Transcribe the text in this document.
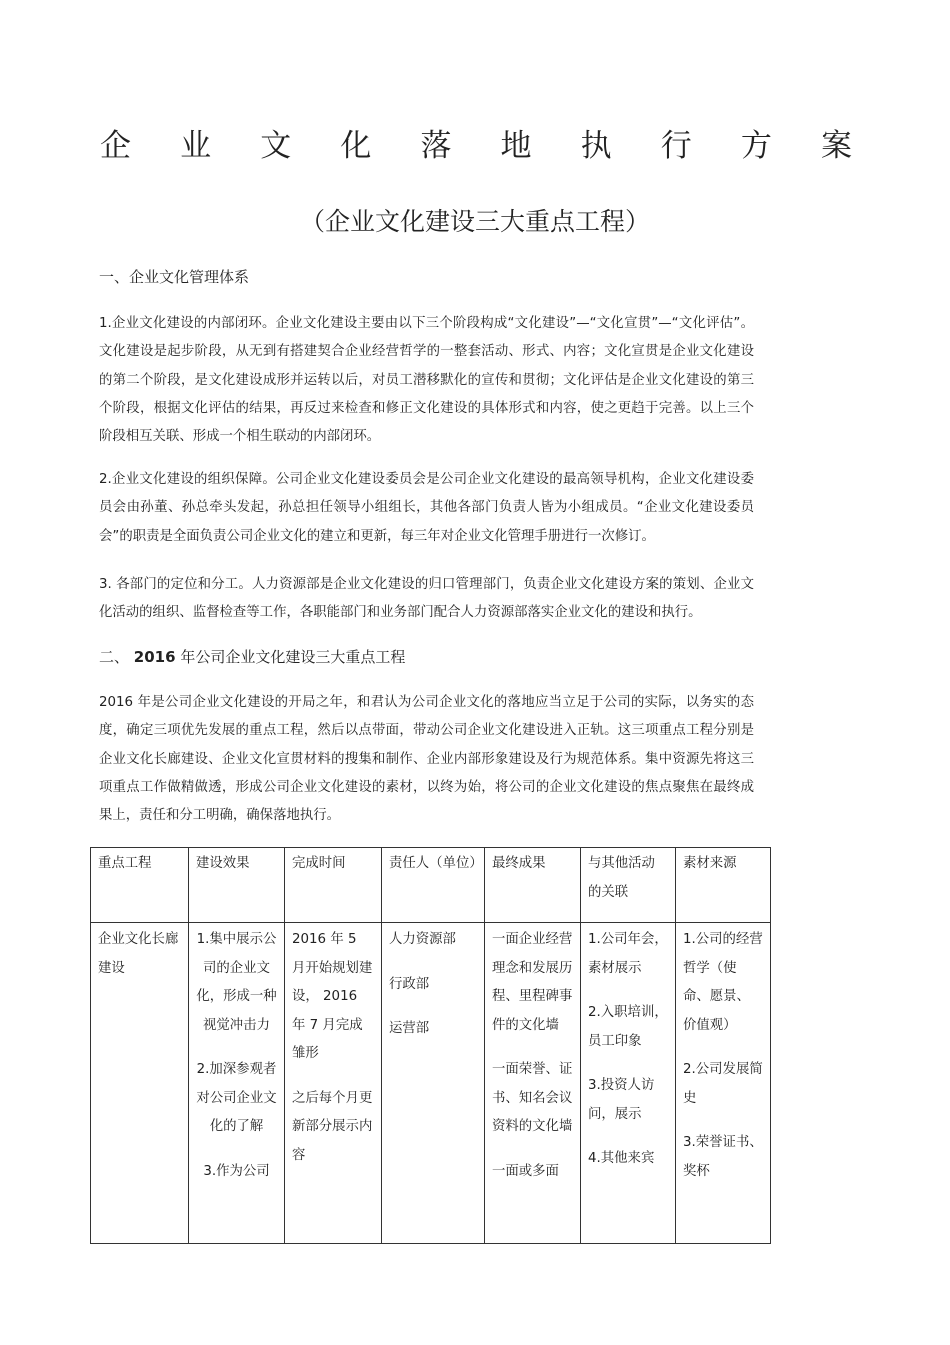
企业文化落地执行方案
（企业文化建设三大重点工程）
一、企业文化管理体系

1.企业文化建设的内部闭环。企业文化建设主要由以下三个阶段构成“文化建设”—“文化宣贯”—“文化评估”。文化建设是起步阶段，从无到有搭建契合企业经营哲学的一整套活动、形式、内容；文化宣贯是企业文化建设的第二个阶段，是文化建设成形并运转以后，对员工潜移默化的宣传和贯彻；文化评估是企业文化建设的第三个阶段，根据文化评估的结果，再反过来检查和修正文化建设的具体形式和内容，使之更趋于完善。以上三个阶段相互关联、形成一个相生联动的内部闭环。

2.企业文化建设的组织保障。公司企业文化建设委员会是公司企业文化建设的最高领导机构，企业文化建设委员会由孙董、孙总牵头发起，孙总担任领导小组组长，其他各部门负责人皆为小组成员。“企业文化建设委员会”的职责是全面负责公司企业文化的建立和更新，每三年对企业文化管理手册进行一次修订。

3. 各部门的定位和分工。人力资源部是企业文化建设的归口管理部门，负责企业文化建设方案的策划、企业文化活动的组织、监督检查等工作，各职能部门和业务部门配合人力资源部落实企业文化的建设和执行。

二、 2016 年公司企业文化建设三大重点工程

2016 年是公司企业文化建设的开局之年，和君认为公司企业文化的落地应当立足于公司的实际，以务实的态度，确定三项优先发展的重点工程，然后以点带面，带动公司企业文化建设进入正轨。这三项重点工程分别是企业文化长廊建设、企业文化宣贯材料的搜集和制作、企业内部形象建设及行为规范体系。集中资源先将这三项重点工作做精做透，形成公司企业文化建设的素材，以终为始，将公司的企业文化建设的焦点聚焦在最终成果上，责任和分工明确，确保落地执行。

重点工程	建设效果	完成时间	责任人（单位）	最终成果	与其他活动的关联	素材来源
企业文化长廊建设	1.集中展示公司的企业文化，形成一种视觉冲击力
2.加深参观者对公司企业文化的了解
3.作为公司	2016 年 5 月开始规划建设， 2016 年 7 月完成雏形
之后每个月更新部分展示内容	人力资源部
行政部
运营部	一面企业经营理念和发展历程、里程碑事件的文化墙
一面荣誉、证书、知名会议资料的文化墙
一面或多面	1.公司年会，素材展示
2.入职培训，员工印象
3.投资人访问，展示
4.其他来宾	1.公司的经营哲学（使命、愿景、价值观）
2.公司发展简史
3.荣誉证书、奖杯
